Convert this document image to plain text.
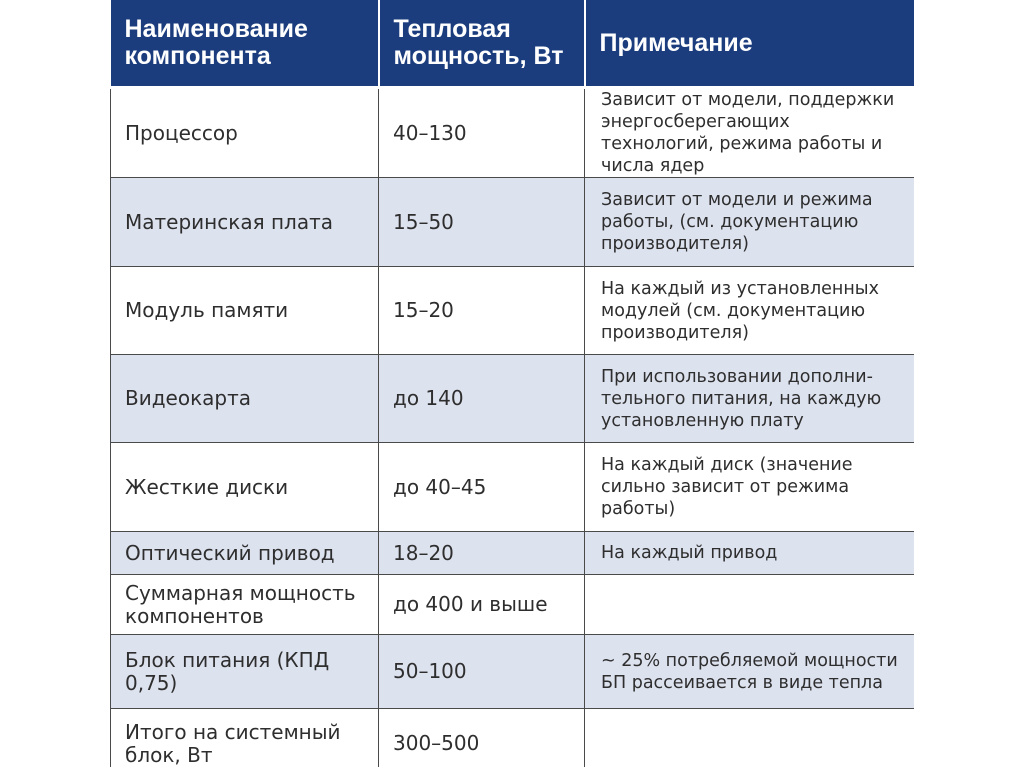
Наименование компонента	Тепловая мощность, Вт	Примечание
Процессор	40–130	Зависит от модели, поддержки энергосберегающих технологий, режима работы и числа ядер
Материнская плата	15–50	Зависит от модели и режима работы, (см. документацию производителя)
Модуль памяти	15–20	На каждый из установленных модулей (см. документацию производителя)
Видеокарта	до 140	При использовании дополни-тельного питания, на каждую установленную плату
Жесткие диски	до 40–45	На каждый диск (значение сильно зависит от режима работы)
Оптический привод	18–20	На каждый привод
Суммарная мощность компонентов	до 400 и выше	
Блок питания (КПД 0,75)	50–100	~ 25% потребляемой мощности БП рассеивается в виде тепла
Итого на системный блок, Вт	300–500	
